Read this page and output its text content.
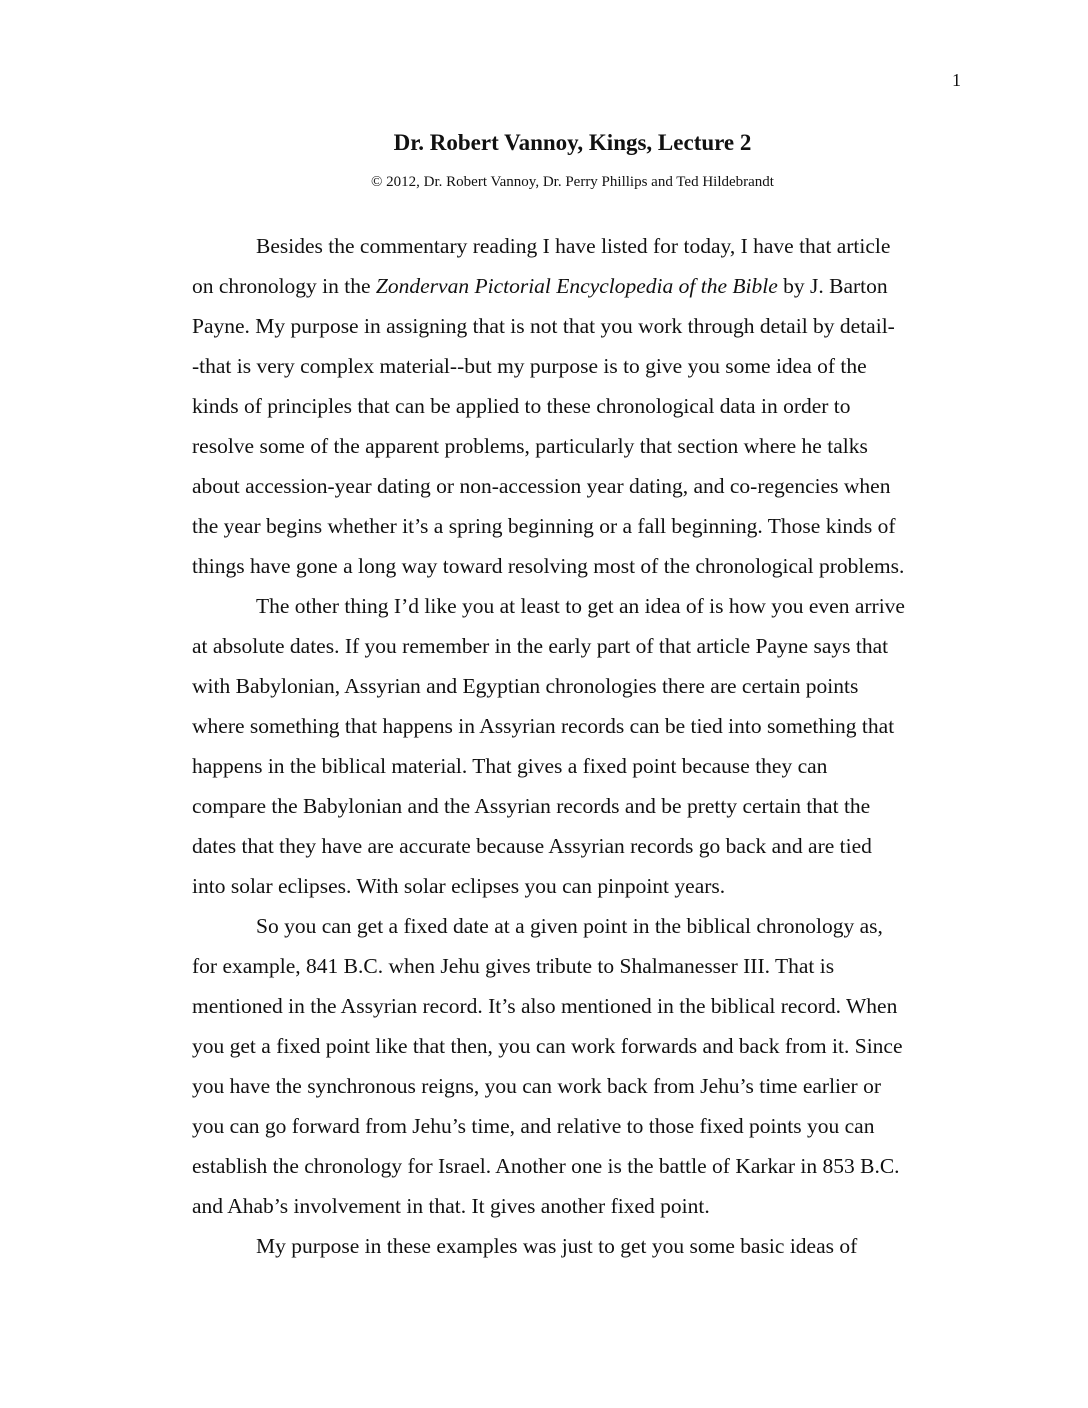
1
Dr. Robert Vannoy, Kings, Lecture 2
© 2012, Dr. Robert Vannoy, Dr. Perry Phillips and Ted Hildebrandt
Besides the commentary reading I have listed for today, I have that article
on chronology in the Zondervan Pictorial Encyclopedia of the Bible by J. Barton
Payne. My purpose in assigning that is not that you work through detail by detail-
-that is very complex material--but my purpose is to give you some idea of the
kinds of principles that can be applied to these chronological data in order to
resolve some of the apparent problems, particularly that section where he talks
about accession-year dating or non-accession year dating, and co-regencies when
the year begins whether it’s a spring beginning or a fall beginning. Those kinds of
things have gone a long way toward resolving most of the chronological problems.
The other thing I’d like you at least to get an idea of is how you even arrive
at absolute dates. If you remember in the early part of that article Payne says that
with Babylonian, Assyrian and Egyptian chronologies there are certain points
where something that happens in Assyrian records can be tied into something that
happens in the biblical material. That gives a fixed point because they can
compare the Babylonian and the Assyrian records and be pretty certain that the
dates that they have are accurate because Assyrian records go back and are tied
into solar eclipses. With solar eclipses you can pinpoint years.
So you can get a fixed date at a given point in the biblical chronology as,
for example, 841 B.C. when Jehu gives tribute to Shalmanesser III. That is
mentioned in the Assyrian record. It’s also mentioned in the biblical record. When
you get a fixed point like that then, you can work forwards and back from it. Since
you have the synchronous reigns, you can work back from Jehu’s time earlier or
you can go forward from Jehu’s time, and relative to those fixed points you can
establish the chronology for Israel. Another one is the battle of Karkar in 853 B.C.
and Ahab’s involvement in that. It gives another fixed point.
My purpose in these examples was just to get you some basic ideas of
